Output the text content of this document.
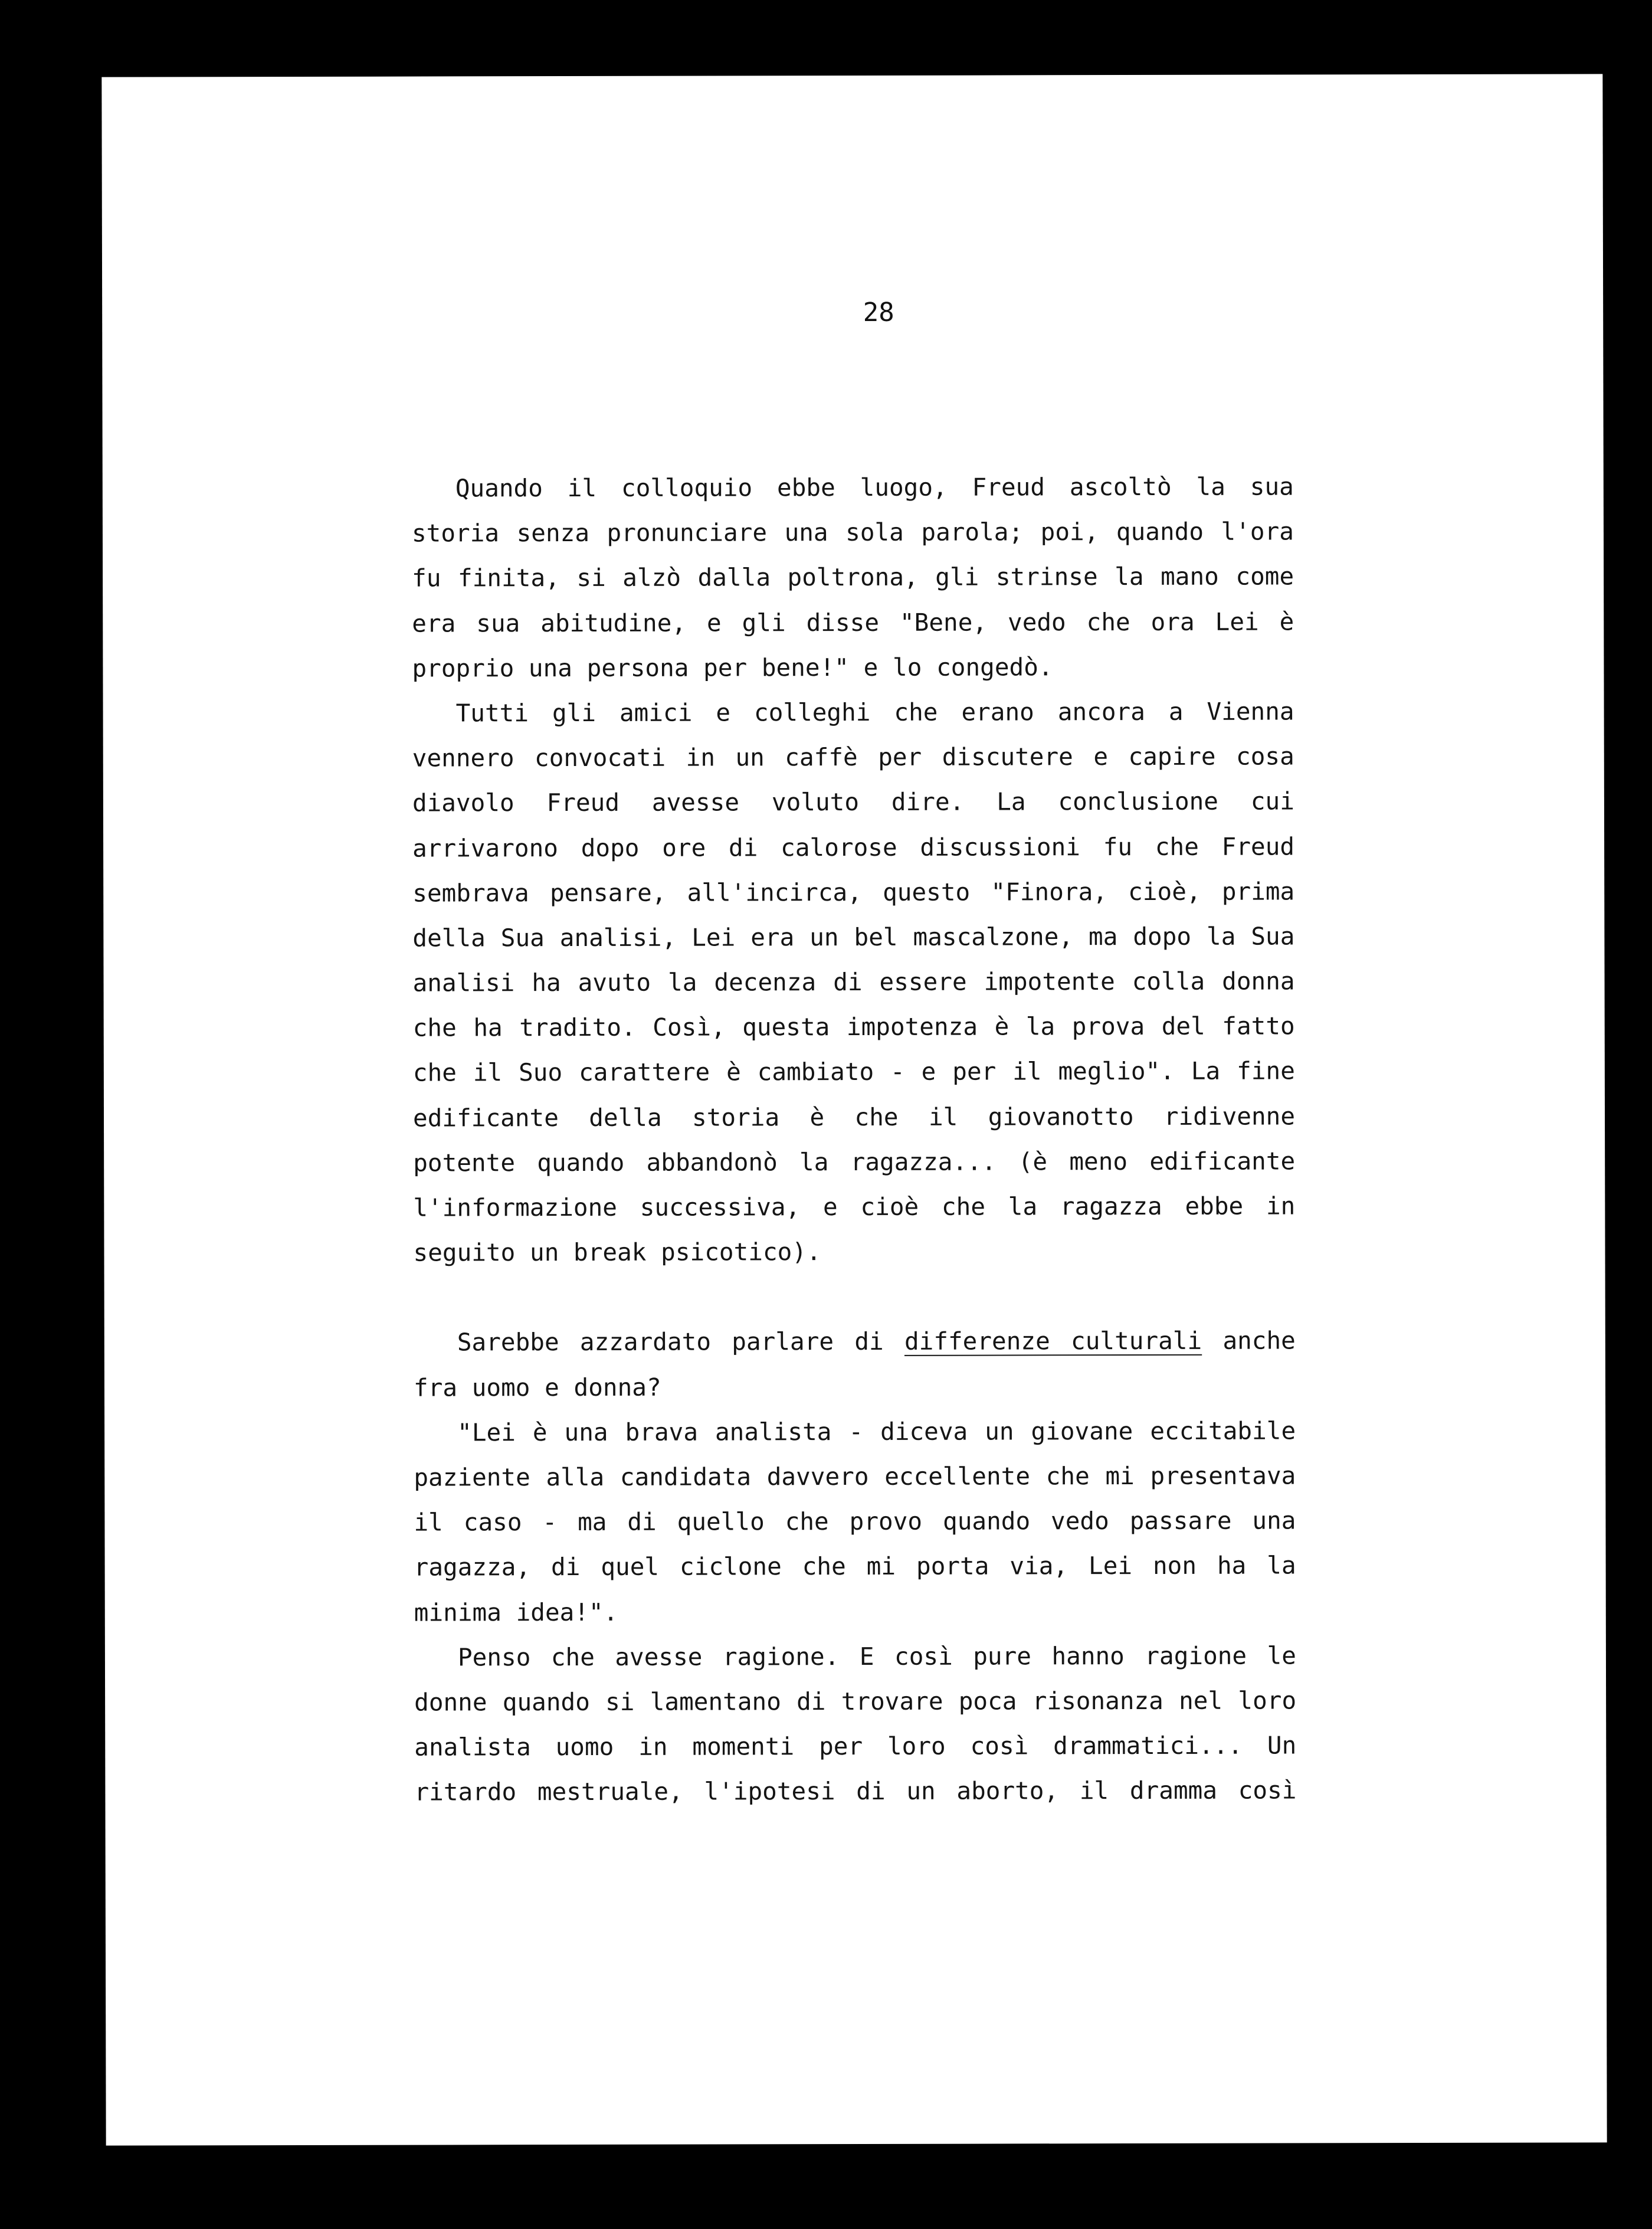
28
Quando il colloquio ebbe luogo, Freud ascoltò la sua
storia senza pronunciare una sola parola; poi, quando l'ora
fu finita, si alzò dalla poltrona, gli strinse la mano come
era sua abitudine, e gli disse "Bene, vedo che ora Lei è
proprio una persona per bene!" e lo congedò.
Tutti gli amici e colleghi che erano ancora a Vienna
vennero convocati in un caffè per discutere e capire cosa
diavolo Freud avesse voluto dire. La conclusione cui
arrivarono dopo ore di calorose discussioni fu che Freud
sembrava pensare, all'incirca, questo "Finora, cioè, prima
della Sua analisi, Lei era un bel mascalzone, ma dopo la Sua
analisi ha avuto la decenza di essere impotente colla donna
che ha tradito. Così, questa impotenza è la prova del fatto
che il Suo carattere è cambiato - e per il meglio". La fine
edificante della storia è che il giovanotto ridivenne
potente quando abbandonò la ragazza... (è meno edificante
l'informazione successiva, e cioè che la ragazza ebbe in
seguito un break psicotico).
Sarebbe azzardato parlare di differenze culturali anche
fra uomo e donna?
"Lei è una brava analista - diceva un giovane eccitabile
paziente alla candidata davvero eccellente che mi presentava
il caso - ma di quello che provo quando vedo passare una
ragazza, di quel ciclone che mi porta via, Lei non ha la
minima idea!".
Penso che avesse ragione. E così pure hanno ragione le
donne quando si lamentano di trovare poca risonanza nel loro
analista uomo in momenti per loro così drammatici... Un
ritardo mestruale, l'ipotesi di un aborto, il dramma così
